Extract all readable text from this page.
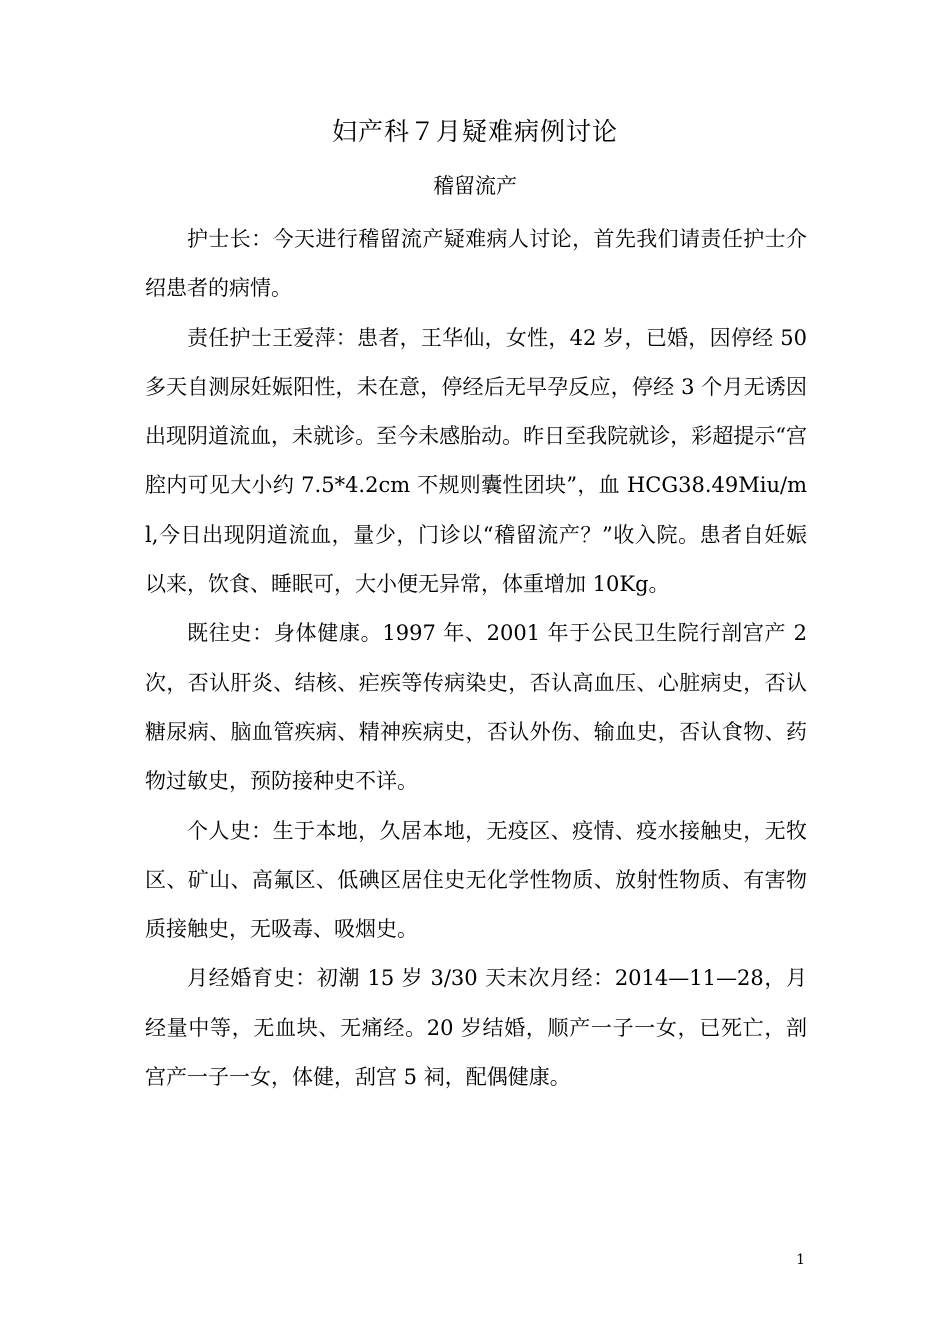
妇产科７月疑难病例讨论
稽留流产

护士长：今天进行稽留流产疑难病人讨论，首先我们请责任护士介绍患者的病情。

责任护士王爱萍：患者，王华仙，女性，42 岁，已婚，因停经 50 多天自测尿妊娠阳性，未在意，停经后无早孕反应，停经 3 个月无诱因出现阴道流血，未就诊。至今未感胎动。昨日至我院就诊，彩超提示“宫腔内可见大小约 7.5*4.2cm 不规则囊性团块”，血 HCG38.49Miu/ml,今日出现阴道流血，量少，门诊以“稽留流产？”收入院。患者自妊娠以来，饮食、睡眠可，大小便无异常，体重增加 10Kg。

既往史：身体健康。1997 年、2001 年于公民卫生院行剖宫产 2 次，否认肝炎、结核、疟疾等传病染史，否认高血压、心脏病史，否认糖尿病、脑血管疾病、精神疾病史，否认外伤、输血史，否认食物、药物过敏史，预防接种史不详。

个人史：生于本地，久居本地，无疫区、疫情、疫水接触史，无牧区、矿山、高氟区、低碘区居住史无化学性物质、放射性物质、有害物质接触史，无吸毒、吸烟史。

月经婚育史：初潮 15 岁 3/30 天末次月经：2014—11—28，月经量中等，无血块、无痛经。20 岁结婚，顺产一子一女，已死亡，剖宫产一子一女，体健，刮宫 5 祠，配偶健康。

1
